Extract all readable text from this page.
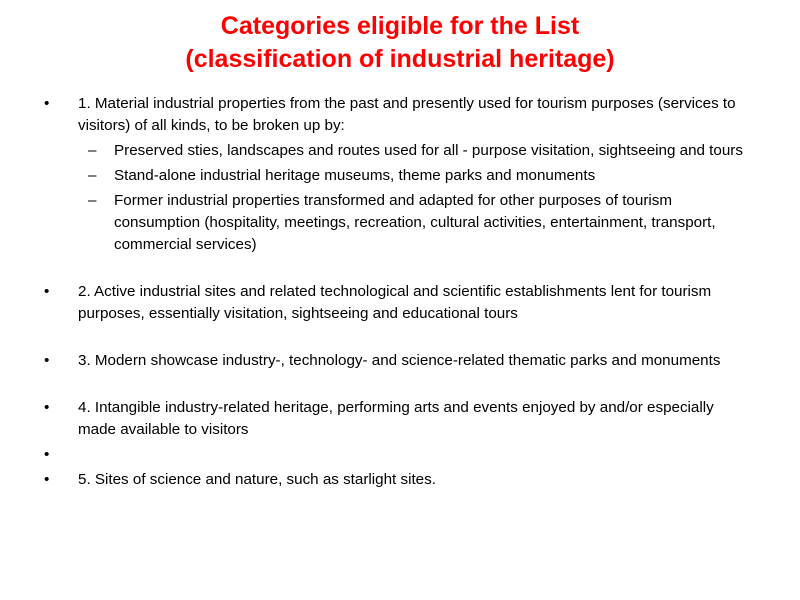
Categories eligible for the List
(classification of industrial heritage)
• 1. Material industrial properties from the past and presently used for tourism purposes (services to visitors) of all kinds, to be broken up by:
– Preserved sties, landscapes and routes used for all - purpose visitation, sightseeing and tours
– Stand-alone industrial heritage museums, theme parks and monuments
– Former industrial properties transformed and adapted for other purposes of tourism consumption (hospitality, meetings, recreation, cultural activities, entertainment, transport, commercial services)
• 2. Active industrial sites and related technological and scientific establishments lent for tourism purposes, essentially visitation, sightseeing and educational tours
• 3. Modern showcase industry-, technology- and science-related thematic parks and monuments
• 4. Intangible industry-related heritage, performing arts and events enjoyed by and/or especially made available to visitors
•
• 5. Sites of science and nature, such as starlight sites.
